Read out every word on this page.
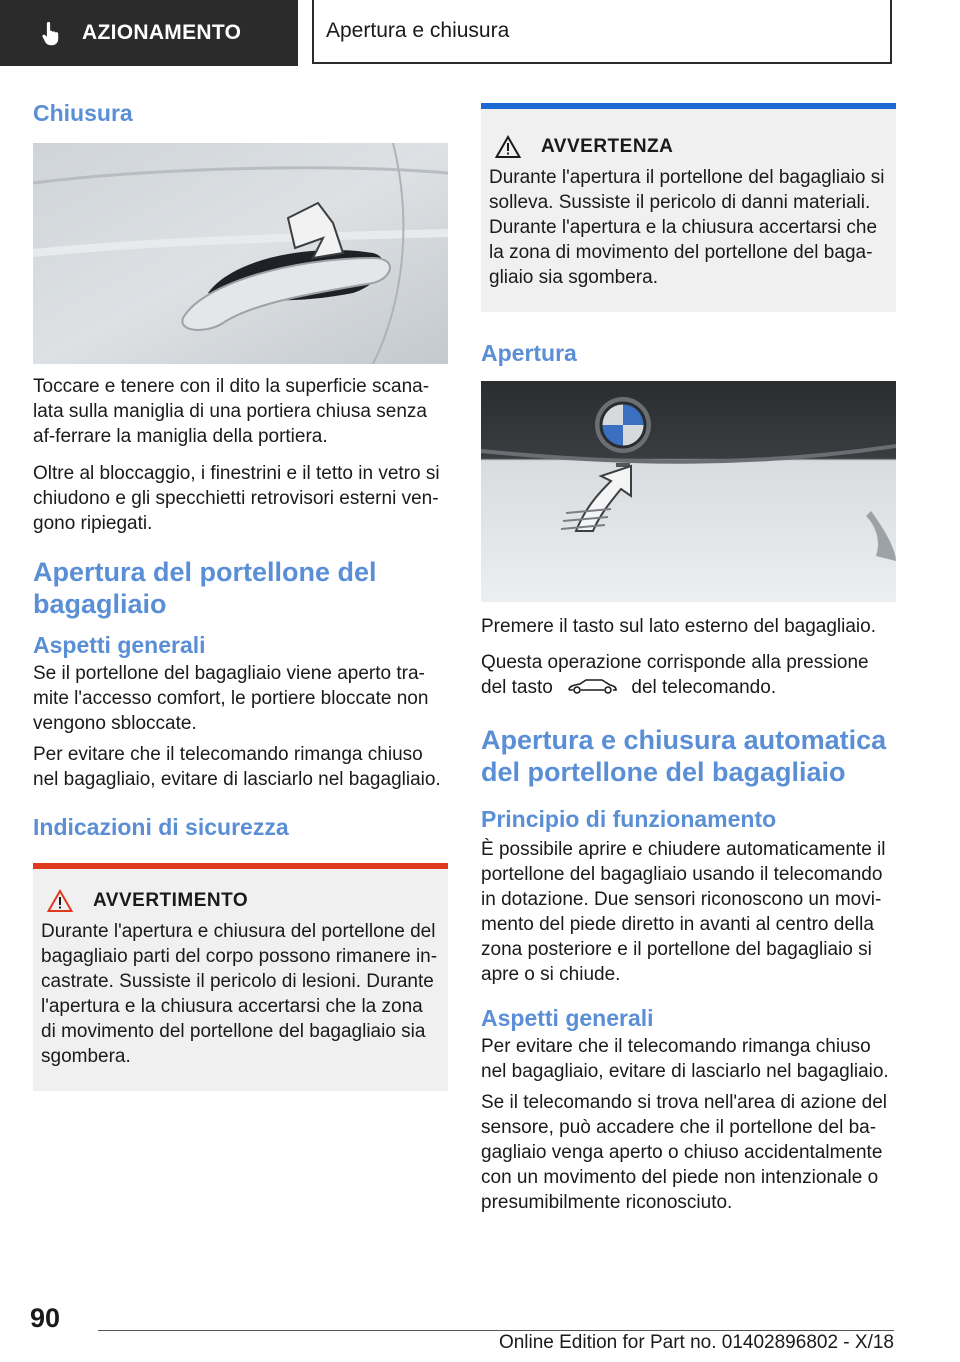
AZIONAMENTO	Apertura e chiusura
Chiusura

Toccare e tenere con il dito la superficie scana-lata sulla maniglia di una portiera chiusa senza af-ferrare la maniglia della portiera.

Oltre al bloccaggio, i finestrini e il tetto in vetro si chiudono e gli specchietti retrovisori esterni ven-gono ripiegati.

Apertura del portellone del bagagliaio
Aspetti generali

Se il portellone del bagagliaio viene aperto tra-mite l'accesso comfort, le portiere bloccate non vengono sbloccate.

Per evitare che il telecomando rimanga chiuso nel bagagliaio, evitare di lasciarlo nel bagagliaio.

Indicazioni di sicurezza
AVVERTIMENTO

Durante l'apertura e chiusura del portellone del bagagliaio parti del corpo possono rimanere in-castrate. Sussiste il pericolo di lesioni. Durante l'apertura e la chiusura accertarsi che la zona di movimento del portellone del bagagliaio sia sgombera.

AVVERTENZA

Durante l'apertura il portellone del bagagliaio si solleva. Sussiste il pericolo di danni materiali. Durante l'apertura e la chiusura accertarsi che la zona di movimento del portellone del baga-gliaio sia sgombera.

Apertura

Premere il tasto sul lato esterno del bagagliaio.

Questa operazione corrisponde alla pressione del tasto	del telecomando.

Apertura e chiusura automatica del portellone del bagagliaio
Principio di funzionamento

È possibile aprire e chiudere automaticamente il portellone del bagagliaio usando il telecomando in dotazione. Due sensori riconoscono un movi-mento del piede diretto in avanti al centro della zona posteriore e il portellone del bagagliaio si apre o si chiude.

Aspetti generali

Per evitare che il telecomando rimanga chiuso nel bagagliaio, evitare di lasciarlo nel bagagliaio.

Se il telecomando si trova nell'area di azione del sensore, può accadere che il portellone del ba-gagliaio venga aperto o chiuso accidentalmente con un movimento del piede non intenzionale o presumibilmente riconosciuto.

90
Online Edition for Part no. 01402896802 - X/18
